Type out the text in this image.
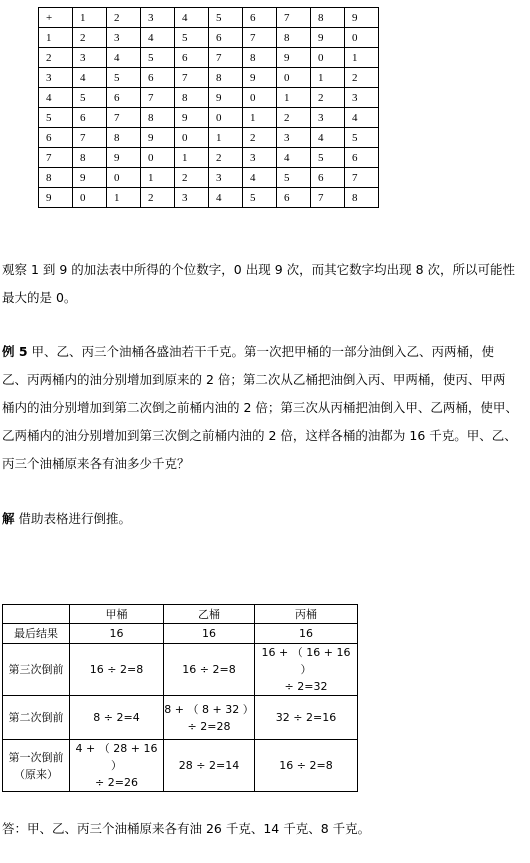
+	1	2	3	4	5	6	7	8	9
1	2	3	4	5	6	7	8	9	0
2	3	4	5	6	7	8	9	0	1
3	4	5	6	7	8	9	0	1	2
4	5	6	7	8	9	0	1	2	3
5	6	7	8	9	0	1	2	3	4
6	7	8	9	0	1	2	3	4	5
7	8	9	0	1	2	3	4	5	6
8	9	0	1	2	3	4	5	6	7
9	0	1	2	3	4	5	6	7	8

观察 1 到 9 的加法表中所得的个位数字，0 出现 9 次，而其它数字均出现 8 次，所以可能性
最大的是 0。

例 5 甲、乙、丙三个油桶各盛油若干千克。第一次把甲桶的一部分油倒入乙、丙两桶，使
乙、丙两桶内的油分别增加到原来的 2 倍；第二次从乙桶把油倒入丙、甲两桶，使丙、甲两
桶内的油分别增加到第二次倒之前桶内油的 2 倍；第三次从丙桶把油倒入甲、乙两桶，使甲、
乙两桶内的油分别增加到第三次倒之前桶内油的 2 倍，这样各桶的油都为 16 千克。甲、乙、
丙三个油桶原来各有油多少千克？

解 借助表格进行倒推。

	甲桶	乙桶	丙桶
最后结果	16	16	16
第三次倒前	16 ÷ 2=8	16 ÷ 2=8	16 + （ 16 + 16 ）
÷ 2=32
第二次倒前	8 ÷ 2=4	8 + （ 8 + 32 ）
÷ 2=28	32 ÷ 2=16
第一次倒前
（原来）	4 + （ 28 + 16 ）
÷ 2=26	28 ÷ 2=14	16 ÷ 2=8

答：甲、乙、丙三个油桶原来各有油 26 千克、14 千克、8 千克。
